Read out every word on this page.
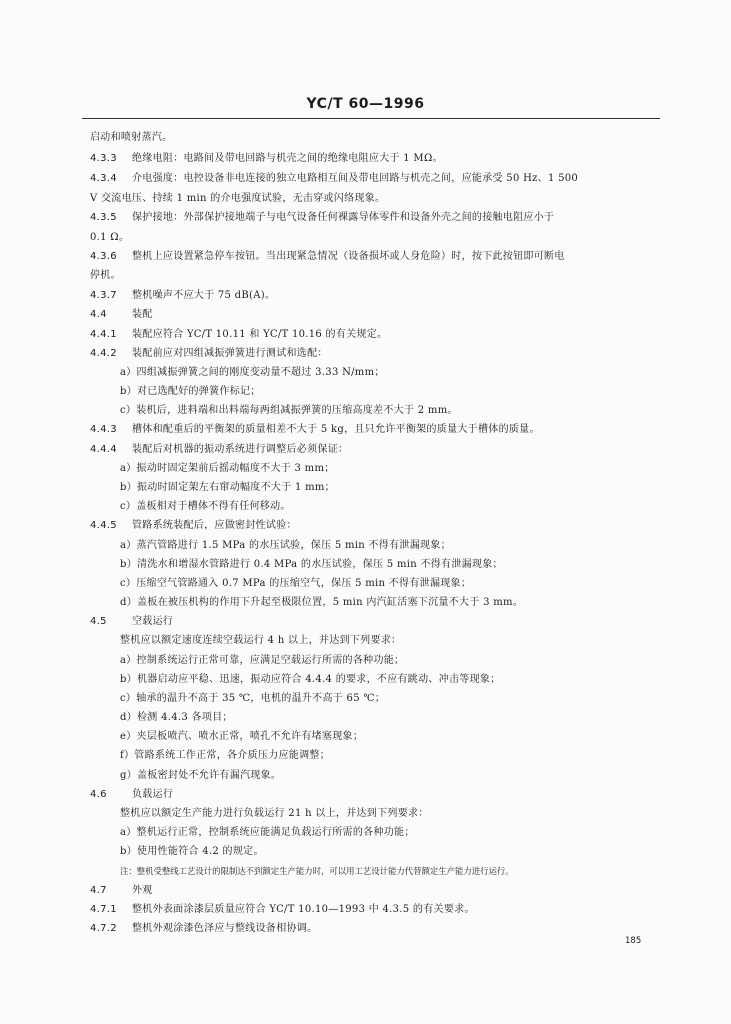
YC/T 60—1996
启动和喷射蒸汽。
4.3.3 绝缘电阻：电路间及带电回路与机壳之间的绝缘电阻应大于 1 MΩ。
4.3.4 介电强度：电控设备非电连接的独立电路相互间及带电回路与机壳之间，应能承受 50 Hz、1 500
V 交流电压、持续 1 min 的介电强度试验，无击穿或闪络现象。
4.3.5 保护接地：外部保护接地端子与电气设备任何裸露导体零件和设备外壳之间的接触电阻应小于
0.1 Ω。
4.3.6 整机上应设置紧急停车按钮。当出现紧急情况（设备损坏或人身危险）时，按下此按钮即可断电
停机。
4.3.7 整机噪声不应大于 75 dB(A)。
4.4	装配
4.4.1 装配应符合 YC/T 10.11 和 YC/T 10.16 的有关规定。
4.4.2 装配前应对四组减振弹簧进行测试和选配：
a）四组减振弹簧之间的刚度变动量不超过 3.33 N/mm；
b）对已选配好的弹簧作标记；
c）装机后，进料端和出料端每两组减振弹簧的压缩高度差不大于 2 mm。
4.4.3 槽体和配重后的平衡架的质量相差不大于 5 kg，且只允许平衡架的质量大于槽体的质量。
4.4.4 装配后对机器的振动系统进行调整后必须保证：
a）振动时固定架前后摇动幅度不大于 3 mm；
b）振动时固定架左右窜动幅度不大于 1 mm；
c）盖板相对于槽体不得有任何移动。
4.4.5 管路系统装配后，应做密封性试验：
a）蒸汽管路进行 1.5 MPa 的水压试验，保压 5 min 不得有泄漏现象；
b）清洗水和增湿水管路进行 0.4 MPa 的水压试验，保压 5 min 不得有泄漏现象；
c）压缩空气管路通入 0.7 MPa 的压缩空气，保压 5 min 不得有泄漏现象；
d）盖板在被压机构的作用下升起至极限位置，5 min 内汽缸活塞下沉量不大于 3 mm。
4.5	空载运行
整机应以额定速度连续空载运行 4 h 以上，并达到下列要求：
a）控制系统运行正常可靠，应满足空载运行所需的各种功能；
b）机器启动应平稳、迅速，振动应符合 4.4.4 的要求，不应有跳动、冲击等现象；
c）轴承的温升不高于 35 ℃，电机的温升不高于 65 ℃；
d）检测 4.4.3 各项目；
e）夹层板喷汽、喷水正常，喷孔不允许有堵塞现象；
f）管路系统工作正常，各介质压力应能调整；
g）盖板密封处不允许有漏汽现象。
4.6	负载运行
整机应以额定生产能力进行负载运行 21 h 以上，并达到下列要求：
a）整机运行正常，控制系统应能满足负载运行所需的各种功能；
b）使用性能符合 4.2 的规定。
注：整机受整线工艺设计的限制达不到额定生产能力时，可以用工艺设计能力代替额定生产能力进行运行。
4.7	外观
4.7.1 整机外表面涂漆层质量应符合 YC/T 10.10—1993 中 4.3.5 的有关要求。
4.7.2 整机外观涂漆色泽应与整线设备相协调。
185
